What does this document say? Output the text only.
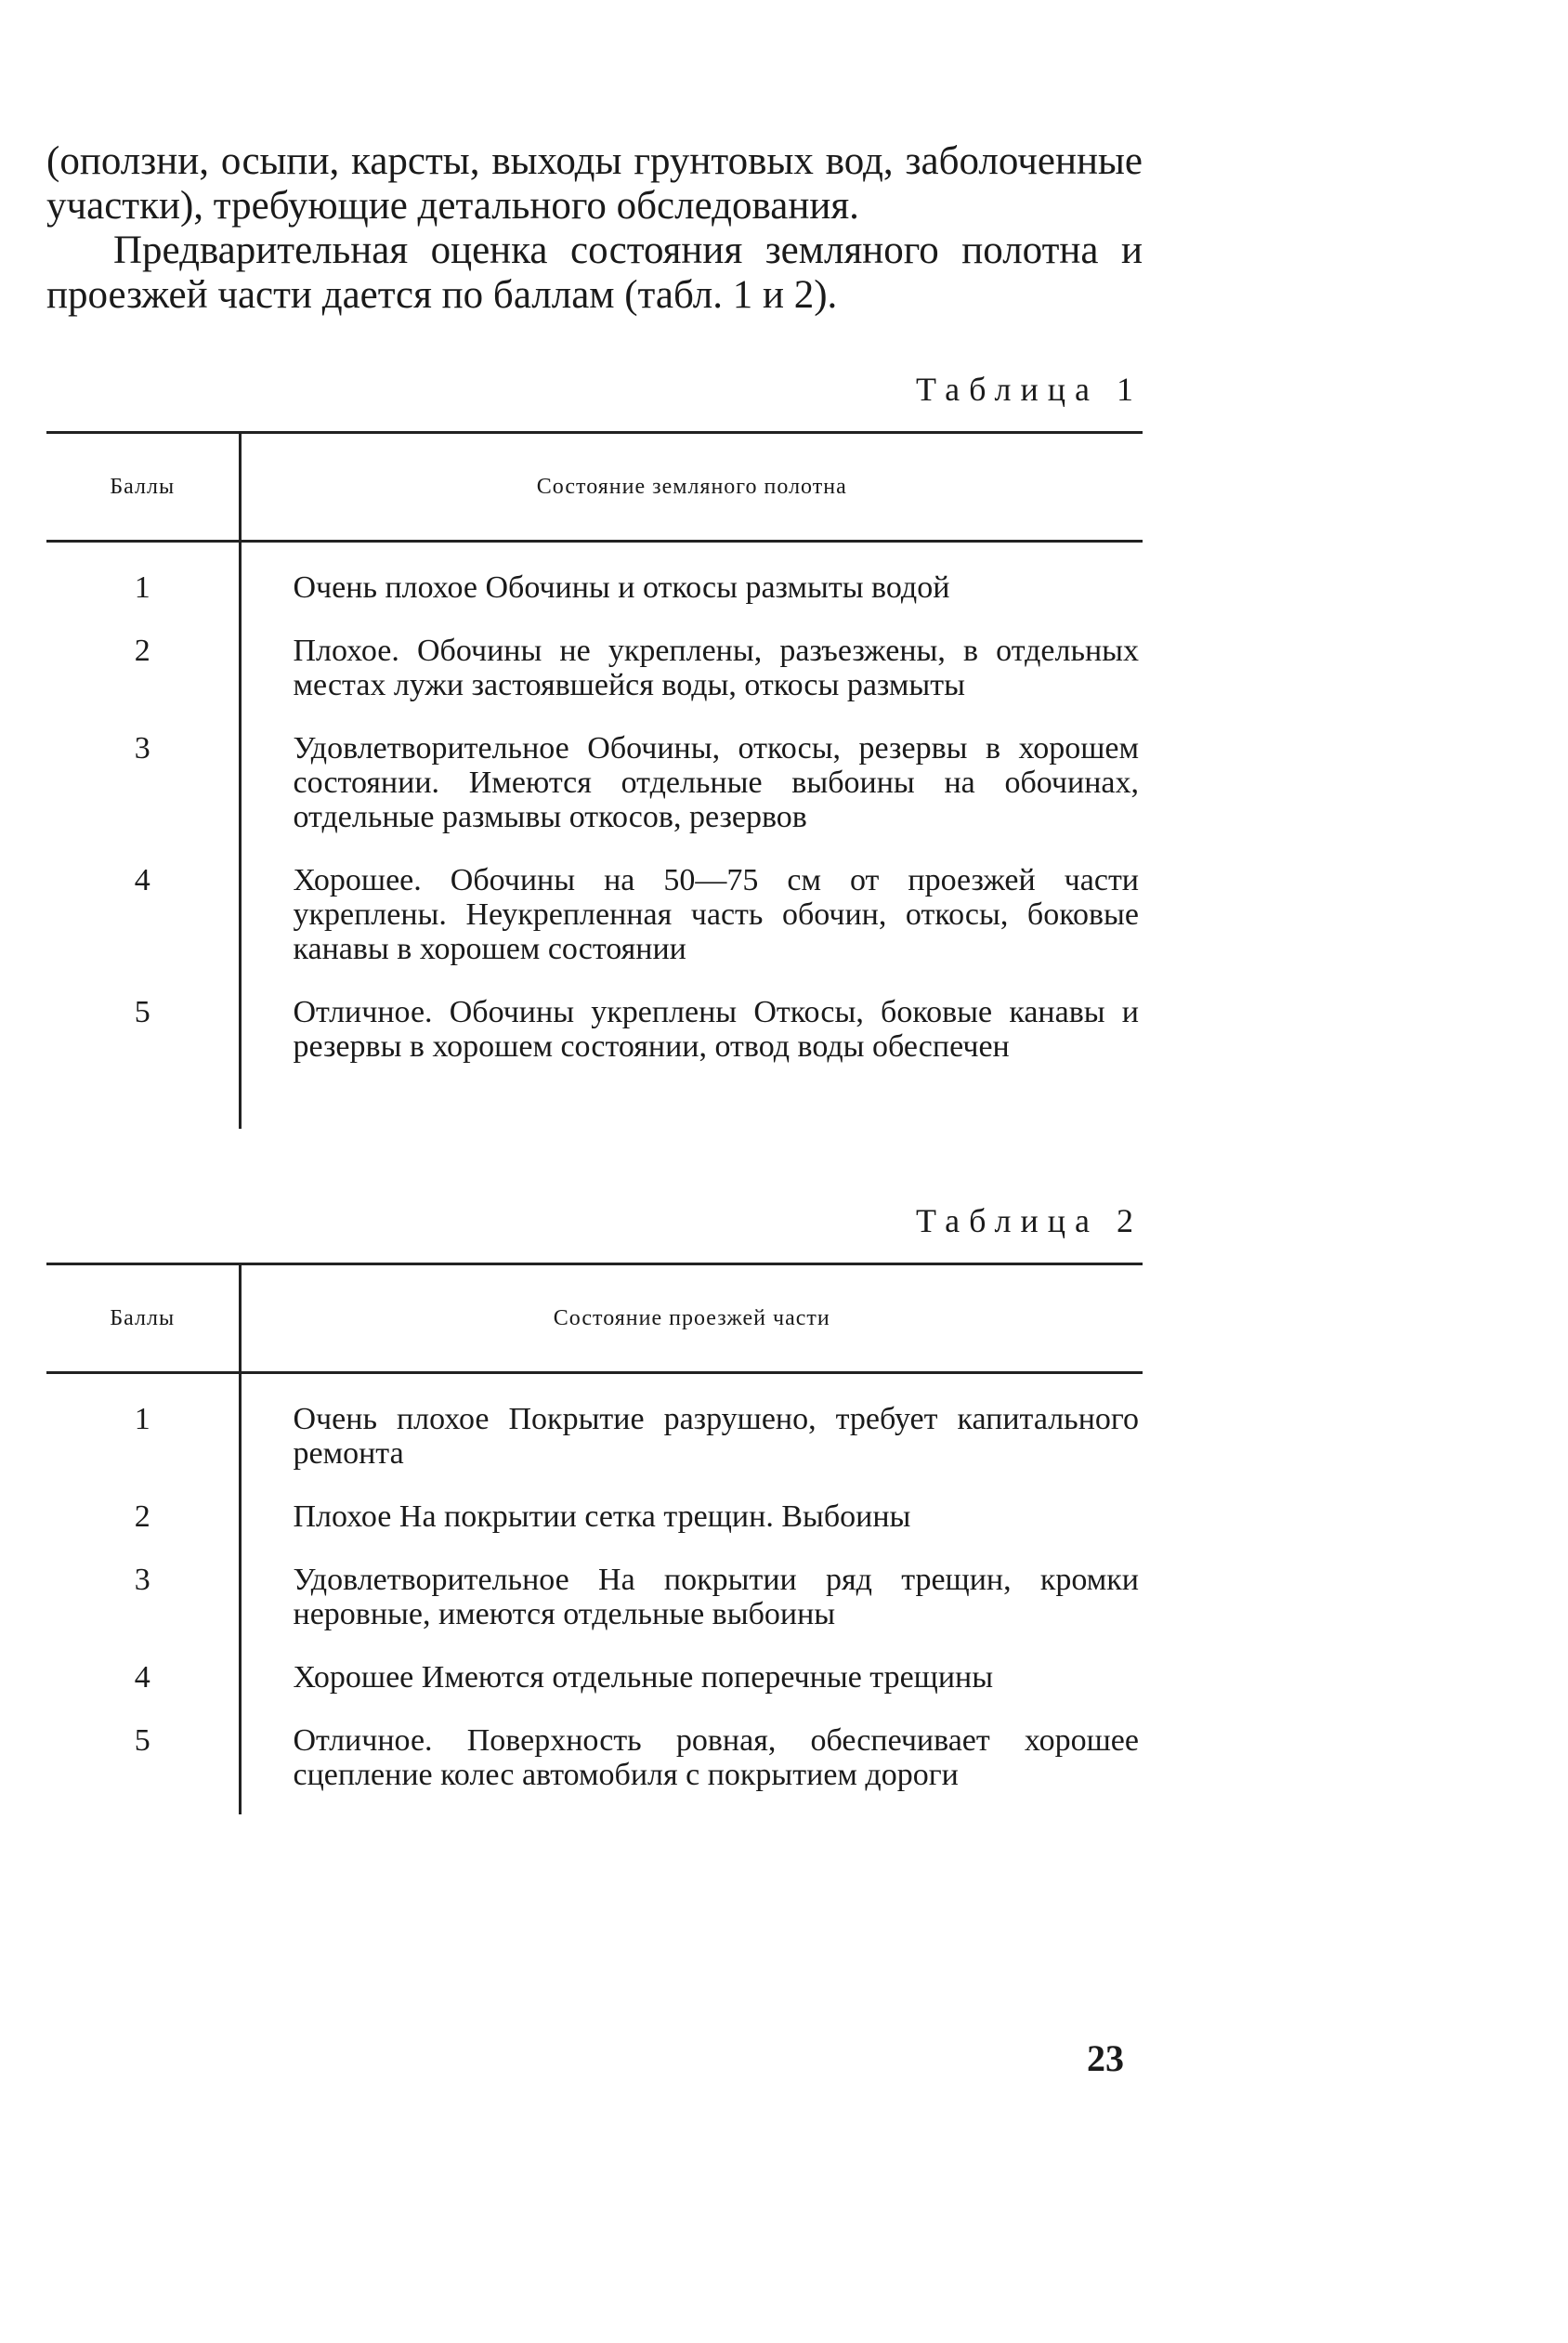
(оползни, осыпи, карсты, выходы грунтовых вод, заболоченные участки), требующие детального обследования.

Предварительная оценка состояния земляного полотна и проезжей части дается по баллам (табл. 1 и 2).

Таблица 1
Баллы	Состояние земляного полотна
1	Очень плохое Обочины и откосы размыты водой
2	Плохое. Обочины не укреплены, разъезжены, в отдельных местах лужи застоявшейся воды, откосы размыты
3	Удовлетворительное Обочины, откосы, резервы в хорошем состоянии. Имеются отдельные выбоины на обочинах, отдельные размывы откосов, резервов
4	Хорошее. Обочины на 50—75 см от проезжей части укреплены. Неукрепленная часть обочин, откосы, боковые канавы в хорошем состоянии
5	Отличное. Обочины укреплены Откосы, боковые канавы и резервы в хорошем состоянии, отвод воды обеспечен
Таблица 2
Баллы	Состояние проезжей части
1	Очень плохое Покрытие разрушено, требует капитального ремонта
2	Плохое На покрытии сетка трещин. Выбоины
3	Удовлетворительное На покрытии ряд трещин, кромки неровные, имеются отдельные выбоины
4	Хорошее Имеются отдельные поперечные трещины
5	Отличное. Поверхность ровная, обеспечивает хорошее сцепление колес автомобиля с покрытием дороги
23
